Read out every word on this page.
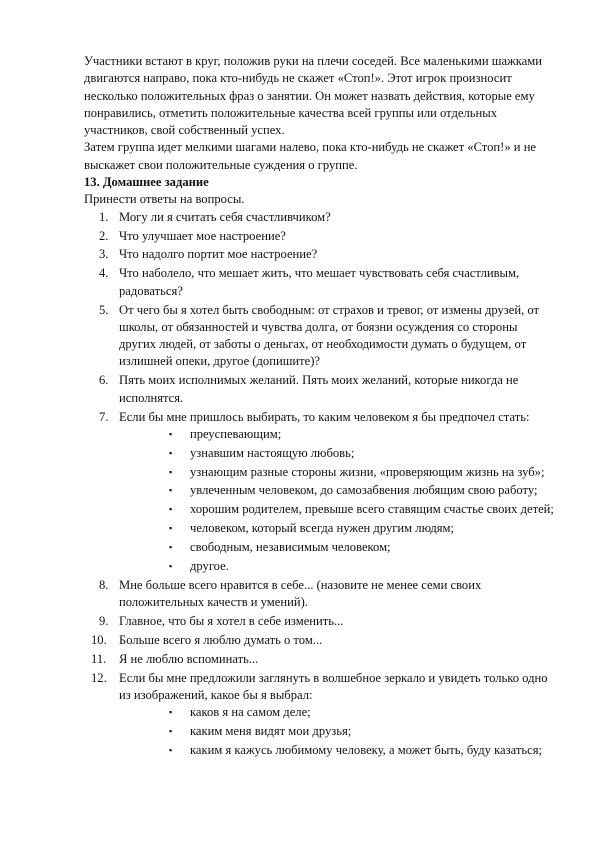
Участники встают в круг, положив руки на плечи соседей. Все маленькими шажками двигаются направо, пока кто-нибудь не скажет «Стоп!». Этот игрок произносит несколько положительных фраз о занятии. Он может назвать действия, которые ему понравились, отметить положительные качества всей группы или отдельных участников, свой собственный успех.

Затем группа идет мелкими шагами налево, пока кто-нибудь не скажет «Стоп!» и не выскажет свои положительные суждения о группе.

13. Домашнее задание

Принести ответы на вопросы.

1. Могу ли я считать себя счастливчиком?
2. Что улучшает мое настроение?
3. Что надолго портит мое настроение?
4. Что наболело, что мешает жить, что мешает чувствовать себя счастливым, радоваться?
5. От чего бы я хотел быть свободным: от страхов и тревог, от измены друзей, от школы, от обязанностей и чувства долга, от боязни осуждения со стороны других людей, от заботы о деньгах, от необходимости думать о будущем, от излишней опеки, другое (допишите)?
6. Пять моих исполнимых желаний. Пять моих желаний, которые никогда не исполнятся.
7. Если бы мне пришлось выбирать, то каким человеком я бы предпочел стать:
▪ преуспевающим;
▪ узнавшим настоящую любовь;
▪ узнающим разные стороны жизни, «проверяющим жизнь на зуб»;
▪ увлеченным человеком, до самозабвения любящим свою работу;
▪ хорошим родителем, превыше всего ставящим счастье своих детей;
▪ человеком, который всегда нужен другим людям;
▪ свободным, независимым человеком;
▪ другое.
8. Мне больше всего нравится в себе... (назовите не менее семи своих положительных качеств и умений).
9. Главное, что бы я хотел в себе изменить...
10. Больше всего я люблю думать о том...
11. Я не люблю вспоминать...
12. Если бы мне предложили заглянуть в волшебное зеркало и увидеть только одно из изображений, какое бы я выбрал:
▪ каков я на самом деле;
▪ каким меня видят мои друзья;
▪ каким я кажусь любимому человеку, а может быть, буду казаться;
